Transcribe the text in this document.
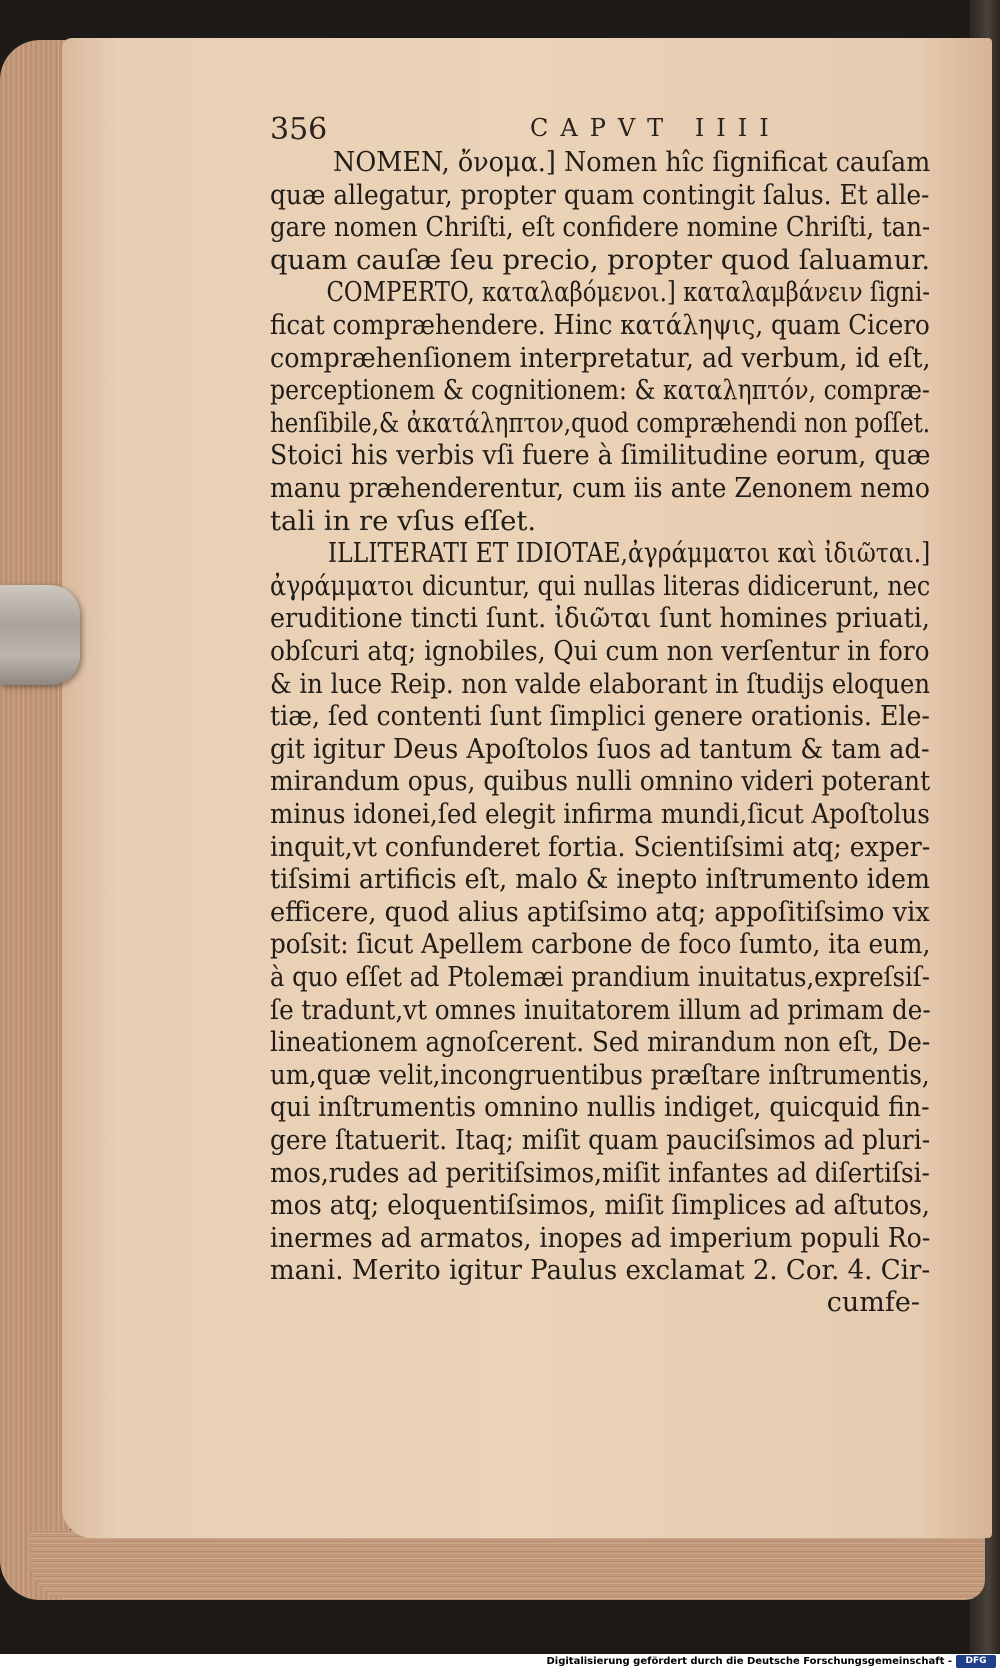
356	CAPVT IIII
NOMEN, ὄνομα.] Nomen hîc ſignificat cauſam
quæ allegatur, propter quam contingit ſalus. Et alle-
gare nomen Chriſti, eſt confidere nomine Chriſti, tan-
quam cauſæ ſeu precio, propter quod ſaluamur.
COMPERTO, καταλαβόμενοι.] καταλαμβάνειν ſigni-
ficat compræhendere. Hinc κατάληψις, quam Cicero
compræhenſionem interpretatur, ad verbum, id eſt,
perceptionem & cognitionem: & καταληπτόν, compræ-
henſibile,& ἀκατάληπτον,quod compræhendi non poſſet.
Stoici his verbis vſi fuere à ſimilitudine eorum, quæ
manu præhenderentur, cum iis ante Zenonem nemo
tali in re vſus eſſet.
ILLITERATI ET IDIOTAE,ἀγράμματοι καὶ ἰδιῶται.]
ἀγράμματοι dicuntur, qui nullas literas didicerunt, nec
eruditione tincti ſunt. ἰδιῶται ſunt homines priuati,
obſcuri atq; ignobiles, Qui cum non verſentur in foro
& in luce Reip. non valde elaborant in ſtudijs eloquen
tiæ, ſed contenti ſunt ſimplici genere orationis. Ele-
git igitur Deus Apoſtolos ſuos ad tantum & tam ad-
mirandum opus, quibus nulli omnino videri poterant
minus idonei,ſed elegit infirma mundi,ſicut Apoſtolus
inquit,vt confunderet fortia. Scientiſsimi atq; exper-
tiſsimi artificis eſt, malo & inepto inſtrumento idem
efficere, quod alius aptiſsimo atq; appoſitiſsimo vix
poſsit: ſicut Apellem carbone de foco ſumto, ita eum,
à quo eſſet ad Ptolemæi prandium inuitatus,expreſsiſ-
ſe tradunt,vt omnes inuitatorem illum ad primam de-
lineationem agnoſcerent. Sed mirandum non eſt, De-
um,quæ velit,incongruentibus præſtare inſtrumentis,
qui inſtrumentis omnino nullis indiget, quicquid fin-
gere ſtatuerit. Itaq; miſit quam pauciſsimos ad pluri-
mos,rudes ad peritiſsimos,miſit infantes ad diſertiſsi-
mos atq; eloquentiſsimos, miſit ſimplices ad aſtutos,
inermes ad armatos, inopes ad imperium populi Ro-
mani. Merito igitur Paulus exclamat 2. Cor. 4. Cir-
cumfe-
Digitalisierung gefördert durch die Deutsche Forschungsgemeinschaft -	DFG
